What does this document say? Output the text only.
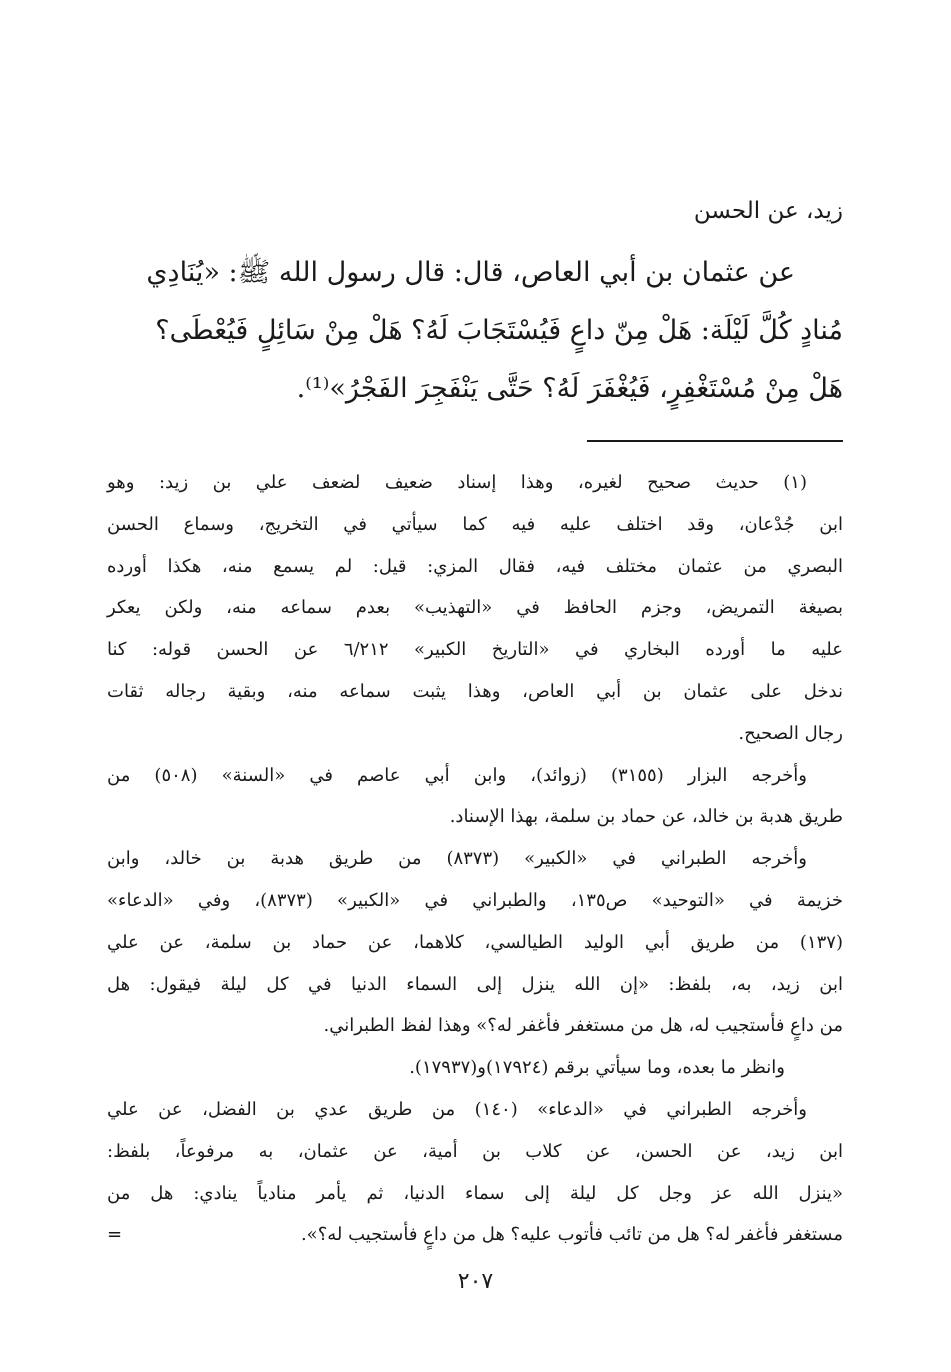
زيد، عن الحسن

عن عثمان بن أبي العاص، قال: قال رسول الله ﷺ: «يُنَادِي

مُنادٍ كُلَّ لَيْلَة: هَلْ مِنّ داعٍ فَيُسْتَجَابَ لَهُ؟ هَلْ مِنْ سَائِلٍ فَيُعْطَى؟

هَلْ مِنْ مُسْتَغْفِرٍ، فَيُغْفَرَ لَهُ؟ حَتَّى يَنْفَجِرَ الفَجْرُ»⁽¹⁾.

(١) حديث صحيح لغيره، وهذا إسناد ضعيف لضعف علي بن زيد: وهو

ابن جُدْعان، وقد اختلف عليه فيه كما سيأتي في التخريج، وسماع الحسن

البصري من عثمان مختلف فيه، فقال المزي: قيل: لم يسمع منه، هكذا أورده

بصيغة التمريض، وجزم الحافظ في «التهذيب» بعدم سماعه منه، ولكن يعكر

عليه ما أورده البخاري في «التاريخ الكبير» ٦/٢١٢ عن الحسن قوله: كنا

ندخل على عثمان بن أبي العاص، وهذا يثبت سماعه منه، وبقية رجاله ثقات

رجال الصحيح.

وأخرجه البزار (٣١٥٥) (زوائد)، وابن أبي عاصم في «السنة» (٥٠٨) من

طريق هدبة بن خالد، عن حماد بن سلمة، بهذا الإسناد.

وأخرجه الطبراني في «الكبير» (٨٣٧٣) من طريق هدبة بن خالد، وابن

خزيمة في «التوحيد» ص١٣٥، والطبراني في «الكبير» (٨٣٧٣)، وفي «الدعاء»

(١٣٧) من طريق أبي الوليد الطيالسي، كلاهما، عن حماد بن سلمة، عن علي

ابن زيد، به، بلفظ: «إن الله ينزل إلى السماء الدنيا في كل ليلة فيقول: هل

من داعٍ فأستجيب له، هل من مستغفر فأغفر له؟» وهذا لفظ الطبراني.

وانظر ما بعده، وما سيأتي برقم (١٧٩٢٤)و(١٧٩٣٧).

وأخرجه الطبراني في «الدعاء» (١٤٠) من طريق عدي بن الفضل، عن علي

ابن زيد، عن الحسن، عن كلاب بن أمية، عن عثمان، به مرفوعاً، بلفظ:

«ينزل الله عز وجل كل ليلة إلى سماء الدنيا، ثم يأمر منادياً ينادي: هل من

مستغفر فأغفر له؟ هل من تائب فأتوب عليه؟ هل من داعٍ فأستجيب له؟».
=

٢٠٧
